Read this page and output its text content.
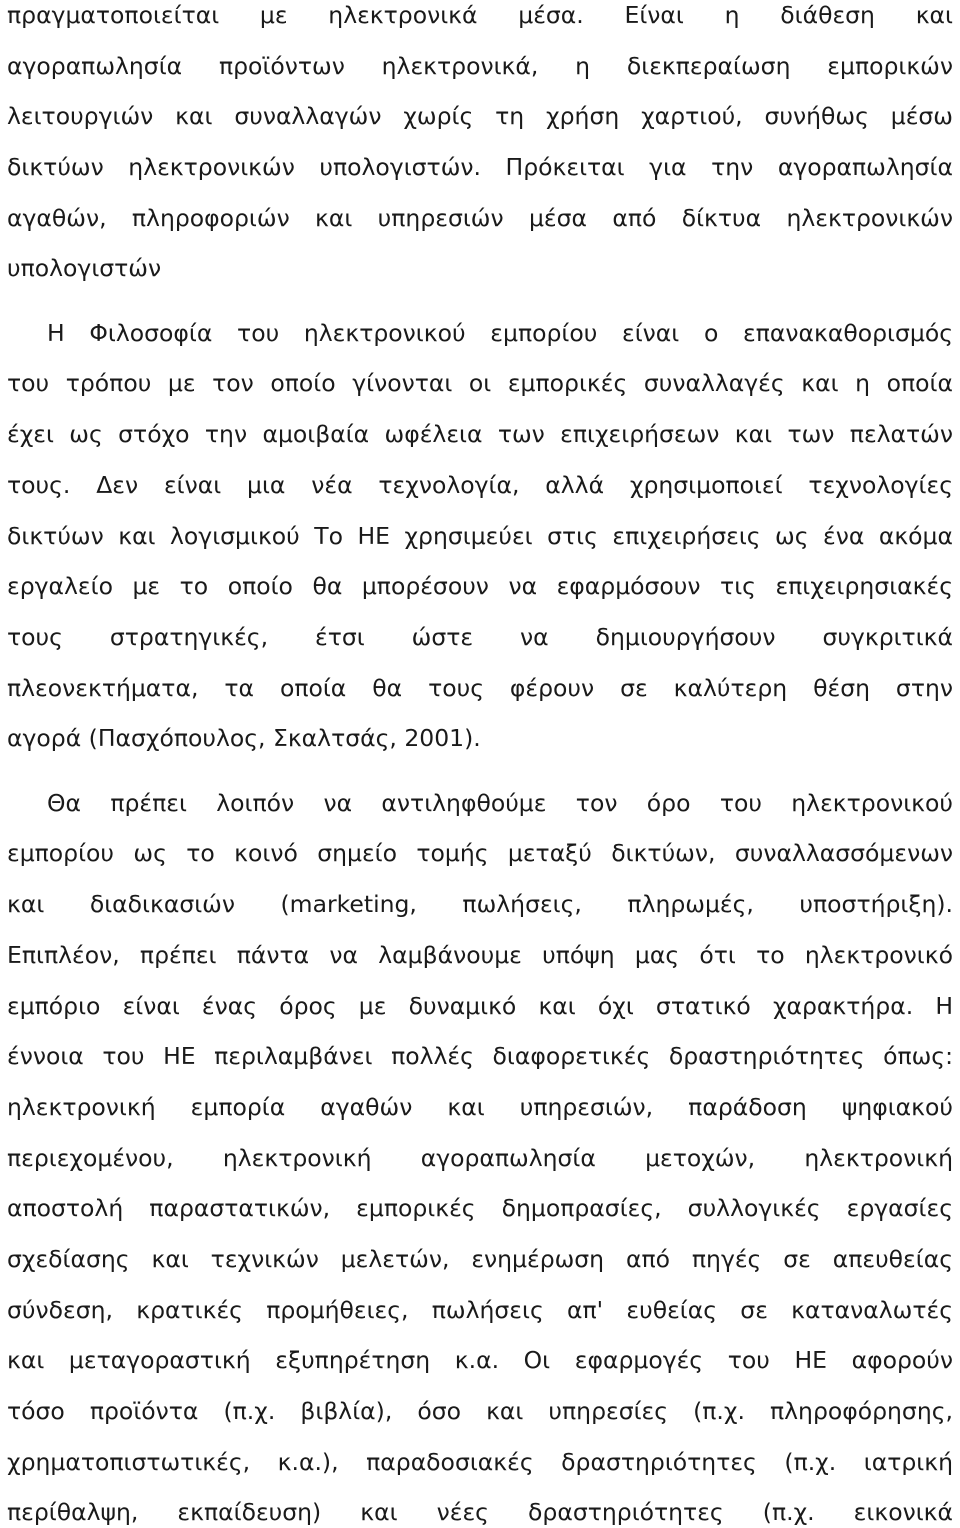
πραγματοποιείται με ηλεκτρονικά μέσα. Είναι η διάθεση και
αγοραπωλησία προϊόντων ηλεκτρονικά, η διεκπεραίωση εμπορικών
λειτουργιών και συναλλαγών χωρίς τη χρήση χαρτιού, συνήθως μέσω
δικτύων ηλεκτρονικών υπολογιστών. Πρόκειται για την αγοραπωλησία
αγαθών, πληροφοριών και υπηρεσιών μέσα από δίκτυα ηλεκτρονικών
υπολογιστών
Η Φιλοσοφία του ηλεκτρονικού εμπορίου είναι ο επανακαθορισμός
του τρόπου με τον οποίο γίνονται οι εμπορικές συναλλαγές και η οποία
έχει ως στόχο την αμοιβαία ωφέλεια των επιχειρήσεων και των πελατών
τους. Δεν είναι μια νέα τεχνολογία, αλλά χρησιμοποιεί τεχνολογίες
δικτύων και λογισμικού Το ΗΕ χρησιμεύει στις επιχειρήσεις ως ένα ακόμα
εργαλείο με το οποίο θα μπορέσουν να εφαρμόσουν τις επιχειρησιακές
τους στρατηγικές, έτσι ώστε να δημιουργήσουν συγκριτικά
πλεονεκτήματα, τα οποία θα τους φέρουν σε καλύτερη θέση στην
αγορά (Πασχόπουλος, Σκαλτσάς, 2001).
Θα πρέπει λοιπόν να αντιληφθούμε τον όρο του ηλεκτρονικού
εμπορίου ως το κοινό σημείο τομής μεταξύ δικτύων, συναλλασσόμενων
και διαδικασιών (marketing, πωλήσεις, πληρωμές, υποστήριξη).
Επιπλέον, πρέπει πάντα να λαμβάνουμε υπόψη μας ότι το ηλεκτρονικό
εμπόριο είναι ένας όρος με δυναμικό και όχι στατικό χαρακτήρα. Η
έννοια του ΗΕ περιλαμβάνει πολλές διαφορετικές δραστηριότητες όπως:
ηλεκτρονική εμπορία αγαθών και υπηρεσιών, παράδοση ψηφιακού
περιεχομένου, ηλεκτρονική αγοραπωλησία μετοχών, ηλεκτρονική
αποστολή παραστατικών, εμπορικές δημοπρασίες, συλλογικές εργασίες
σχεδίασης και τεχνικών μελετών, ενημέρωση από πηγές σε απευθείας
σύνδεση, κρατικές προμήθειες, πωλήσεις απ' ευθείας σε καταναλωτές
και μεταγοραστική εξυπηρέτηση κ.α. Οι εφαρμογές του ΗΕ αφορούν
τόσο προϊόντα (π.χ. βιβλία), όσο και υπηρεσίες (π.χ. πληροφόρησης,
χρηματοπιστωτικές, κ.α.), παραδοσιακές δραστηριότητες (π.χ. ιατρική
περίθαλψη, εκπαίδευση) και νέες δραστηριότητες (π.χ. εικονικά
